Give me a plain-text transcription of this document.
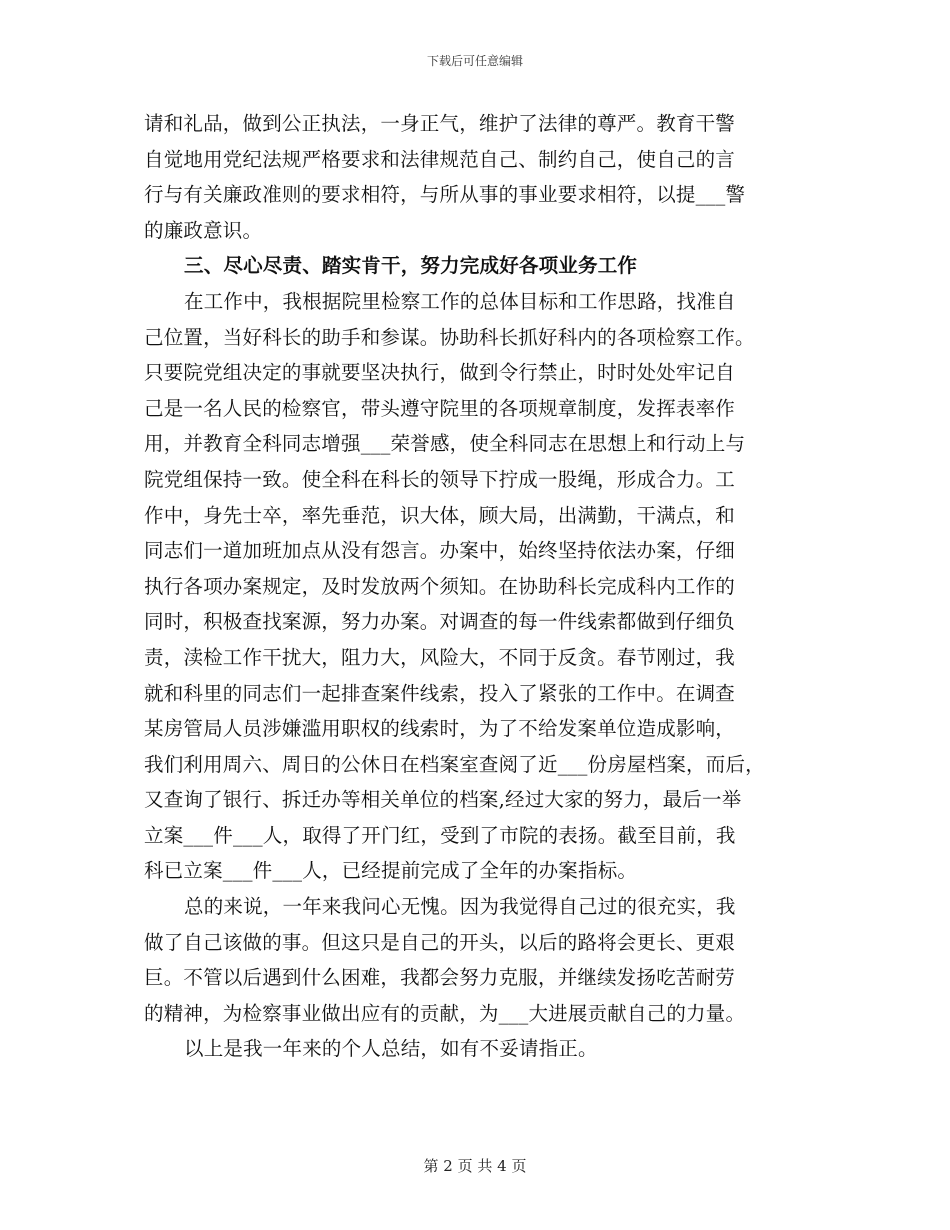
下载后可任意编辑
请和礼品，做到公正执法，一身正气，维护了法律的尊严。教育干警
自觉地用党纪法规严格要求和法律规范自己、制约自己，使自己的言
行与有关廉政准则的要求相符，与所从事的事业要求相符，以提___警
的廉政意识。
三、尽心尽责、踏实肯干，努力完成好各项业务工作
在工作中，我根据院里检察工作的总体目标和工作思路，找准自
己位置，当好科长的助手和参谋。协助科长抓好科内的各项检察工作。
只要院党组决定的事就要坚决执行，做到令行禁止，时时处处牢记自
己是一名人民的检察官，带头遵守院里的各项规章制度，发挥表率作
用，并教育全科同志增强___荣誉感，使全科同志在思想上和行动上与
院党组保持一致。使全科在科长的领导下拧成一股绳，形成合力。工
作中，身先士卒，率先垂范，识大体，顾大局，出满勤，干满点，和
同志们一道加班加点从没有怨言。办案中，始终坚持依法办案，仔细
执行各项办案规定，及时发放两个须知。在协助科长完成科内工作的
同时，积极查找案源，努力办案。对调查的每一件线索都做到仔细负
责，渎检工作干扰大，阻力大，风险大，不同于反贪。春节刚过，我
就和科里的同志们一起排查案件线索，投入了紧张的工作中。在调查
某房管局人员涉嫌滥用职权的线索时，为了不给发案单位造成影响，
我们利用周六、周日的公休日在档案室查阅了近___份房屋档案，而后，
又查询了银行、拆迁办等相关单位的档案,经过大家的努力，最后一举
立案___件___人，取得了开门红，受到了市院的表扬。截至目前，我
科已立案___件___人，已经提前完成了全年的办案指标。
总的来说，一年来我问心无愧。因为我觉得自己过的很充实，我
做了自己该做的事。但这只是自己的开头，以后的路将会更长、更艰
巨。不管以后遇到什么困难，我都会努力克服，并继续发扬吃苦耐劳
的精神，为检察事业做出应有的贡献，为___大进展贡献自己的力量。
以上是我一年来的个人总结，如有不妥请指正。
第 2 页 共 4 页
